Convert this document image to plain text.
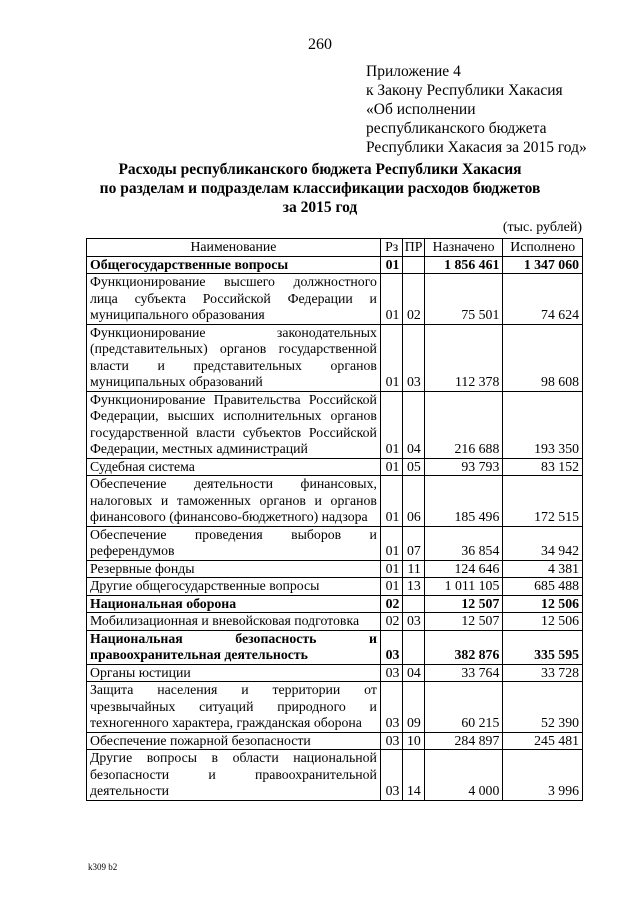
260
Приложение 4
к Закону Республики Хакасия
«Об исполнении
республиканского бюджета
Республики Хакасия за 2015 год»
Расходы республиканского бюджета Республики Хакасия
по разделам и подразделам классификации расходов бюджетов
за 2015 год
(тыс. рублей)
Наименование	Рз	ПР	Назначено	Исполнено
Общегосударственные вопросы	01		1 856 461	1 347 060
Функционирование высшего должностного лица субъекта Российской Федерации и муниципального образования	01	02	75 501	74 624
Функционирование законодательных (представительных) органов государственной власти и представительных органов муниципальных образований	01	03	112 378	98 608
Функционирование Правительства Российской Федерации, высших исполнительных органов государственной власти субъектов Российской Федерации, местных администраций	01	04	216 688	193 350
Судебная система	01	05	93 793	83 152
Обеспечение деятельности финансовых, налоговых и таможенных органов и органов финансового (финансово-бюджетного) надзора	01	06	185 496	172 515
Обеспечение проведения выборов и референдумов	01	07	36 854	34 942
Резервные фонды	01	11	124 646	4 381
Другие общегосударственные вопросы	01	13	1 011 105	685 488
Национальная оборона	02		12 507	12 506
Мобилизационная и вневойсковая подготовка	02	03	12 507	12 506
Национальная безопасность и правоохранительная деятельность	03		382 876	335 595
Органы юстиции	03	04	33 764	33 728
Защита населения и территории от чрезвычайных ситуаций природного и техногенного характера, гражданская оборона	03	09	60 215	52 390
Обеспечение пожарной безопасности	03	10	284 897	245 481
Другие вопросы в области национальной безопасности и правоохранительной деятельности	03	14	4 000	3 996
k309 b2
